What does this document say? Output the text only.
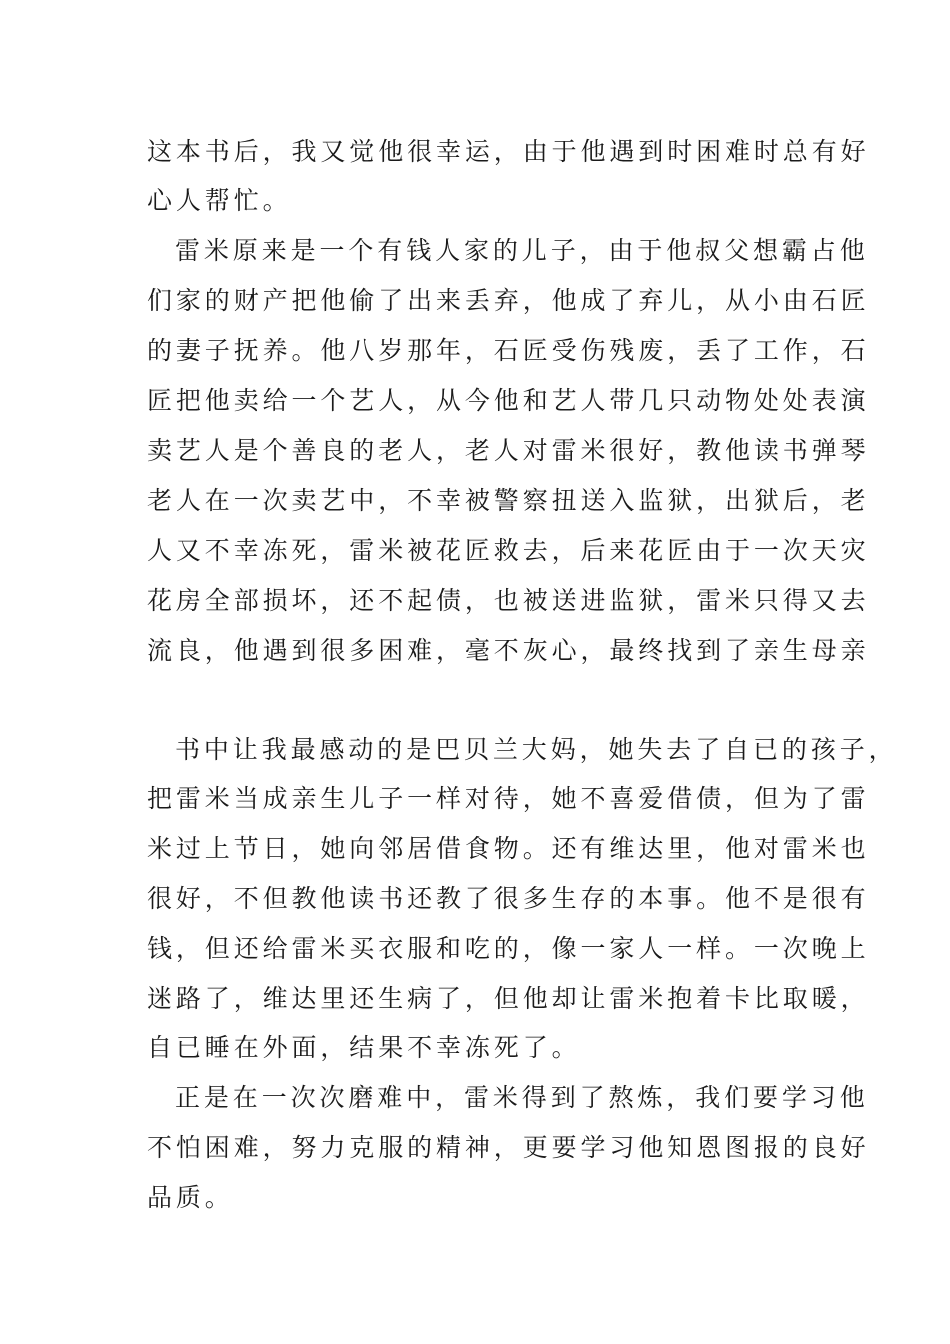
这本书后，我又觉他很幸运，由于他遇到时困难时总有好
心人帮忙。
雷米原来是一个有钱人家的儿子，由于他叔父想霸占他
们家的财产把他偷了出来丢弃，他成了弃儿，从小由石匠
的妻子抚养。他八岁那年，石匠受伤残废，丢了工作，石
匠把他卖给一个艺人，从今他和艺人带几只动物处处表演
卖艺人是个善良的老人，老人对雷米很好，教他读书弹琴
老人在一次卖艺中，不幸被警察扭送入监狱，出狱后，老
人又不幸冻死，雷米被花匠救去，后来花匠由于一次天灾
花房全部损坏，还不起债，也被送进监狱，雷米只得又去
流良，他遇到很多困难，毫不灰心，最终找到了亲生母亲
书中让我最感动的是巴贝兰大妈，她失去了自已的孩子，
把雷米当成亲生儿子一样对待，她不喜爱借债，但为了雷
米过上节日，她向邻居借食物。还有维达里，他对雷米也
很好，不但教他读书还教了很多生存的本事。他不是很有
钱，但还给雷米买衣服和吃的，像一家人一样。一次晚上
迷路了，维达里还生病了，但他却让雷米抱着卡比取暖，
自已睡在外面，结果不幸冻死了。
正是在一次次磨难中，雷米得到了熬炼，我们要学习他
不怕困难，努力克服的精神，更要学习他知恩图报的良好
品质。
